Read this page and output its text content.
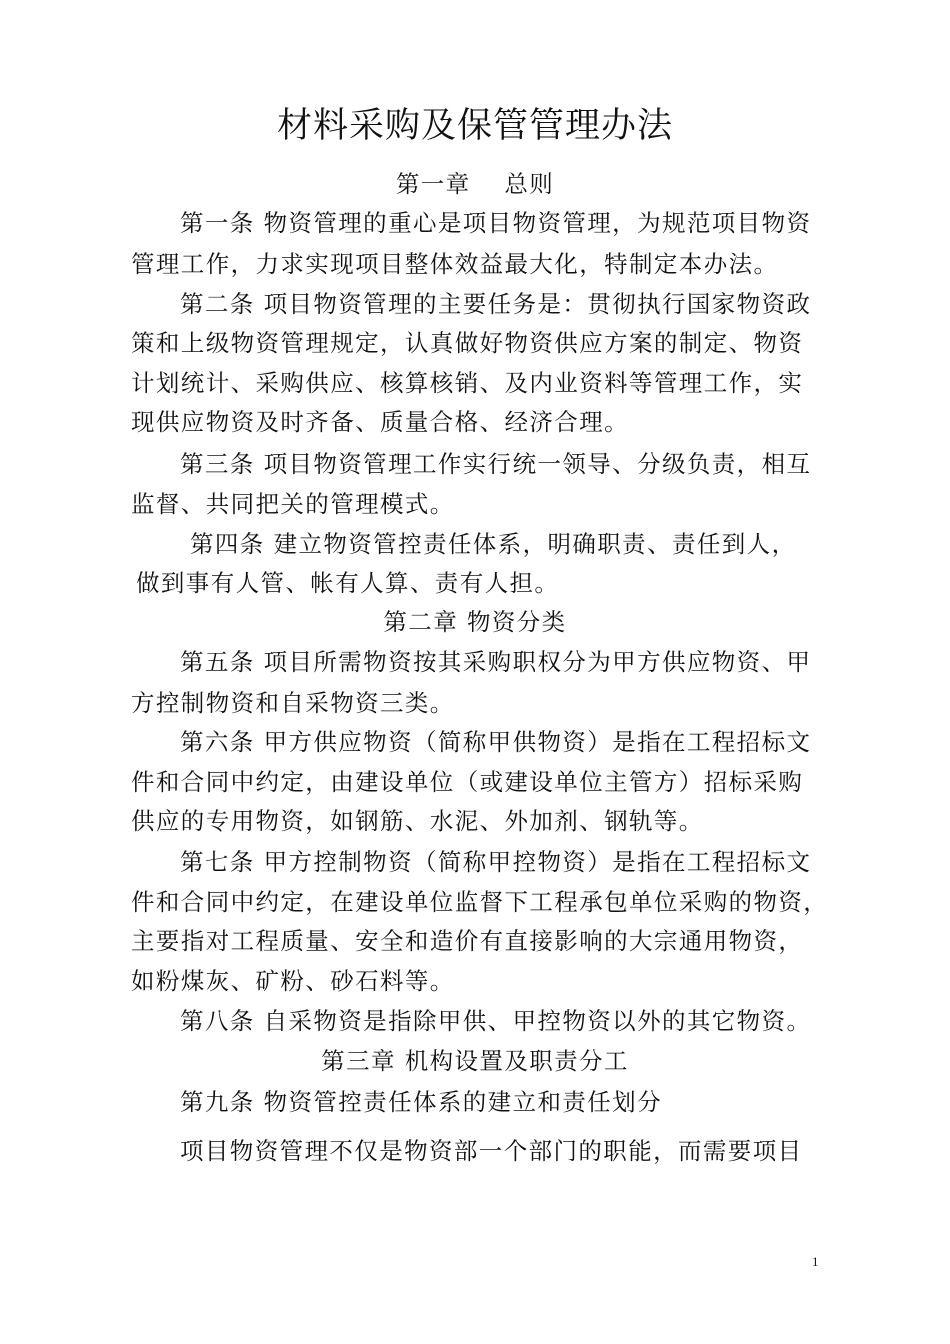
材料采购及保管管理办法
第一章　 总则
第一条 物资管理的重心是项目物资管理，为规范项目物资
管理工作，力求实现项目整体效益最大化，特制定本办法。
第二条 项目物资管理的主要任务是：贯彻执行国家物资政
策和上级物资管理规定，认真做好物资供应方案的制定、物资
计划统计、采购供应、核算核销、及内业资料等管理工作，实
现供应物资及时齐备、质量合格、经济合理。
第三条 项目物资管理工作实行统一领导、分级负责，相互
监督、共同把关的管理模式。
第四条 建立物资管控责任体系，明确职责、责任到人，
做到事有人管、帐有人算、责有人担。
第二章 物资分类
第五条 项目所需物资按其采购职权分为甲方供应物资、甲
方控制物资和自采物资三类。
第六条 甲方供应物资（简称甲供物资）是指在工程招标文
件和合同中约定，由建设单位（或建设单位主管方）招标采购
供应的专用物资，如钢筋、水泥、外加剂、钢轨等。
第七条 甲方控制物资（简称甲控物资）是指在工程招标文
件和合同中约定，在建设单位监督下工程承包单位采购的物资，
主要指对工程质量、安全和造价有直接影响的大宗通用物资，
如粉煤灰、矿粉、砂石料等。
第八条 自采物资是指除甲供、甲控物资以外的其它物资。
第三章 机构设置及职责分工
第九条 物资管控责任体系的建立和责任划分
项目物资管理不仅是物资部一个部门的职能，而需要项目
1
